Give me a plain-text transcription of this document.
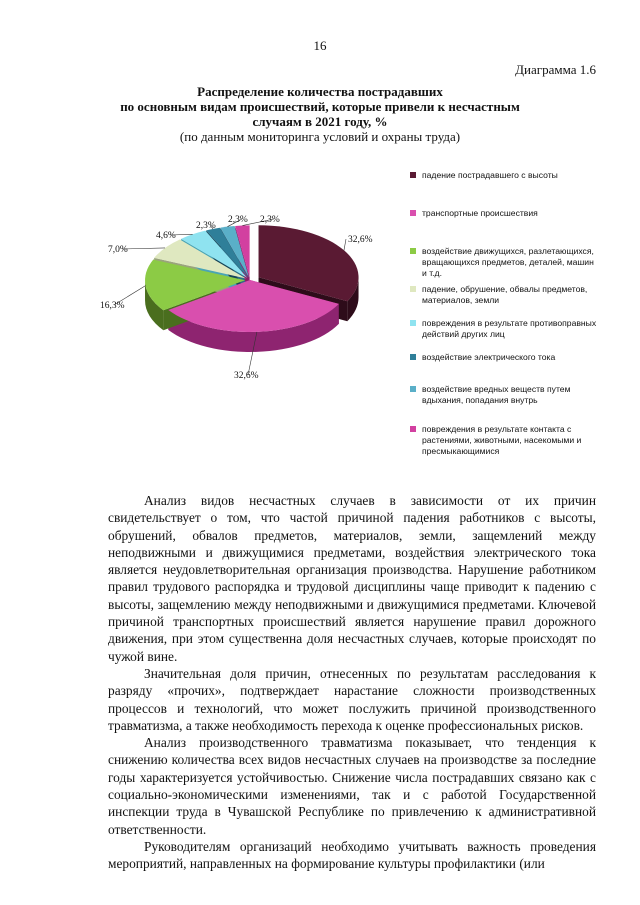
16
Диаграмма 1.6
Распределение количества пострадавших
по основным видам происшествий, которые привели к несчастным
случаям в 2021 году, %
(по данным мониторинга условий и охраны труда)
32,6%
32,6%
16,3%
7,0%
4,6%
2,3%
2,3% 2,3%
падение пострадавшего с высоты
транспортные происшествия
воздействие движущихся, разлетающихся, вращающихся предметов, деталей, машин и т.д.
падение, обрушение, обвалы предметов, материалов, земли
повреждения в результате противоправных действий других лиц
воздействие электрического тока
воздействие вредных веществ путем вдыхания, попадания внутрь
повреждения в результате контакта с растениями, животными, насекомыми и пресмыкающимися

Анализ видов несчастных случаев в зависимости от их причин свидетельствует о том, что частой причиной падения работников с высоты, обрушений, обвалов предметов, материалов, земли, защемлений между неподвижными и движущимися предметами, воздействия электрического тока является неудовлетворительная организация производства. Нарушение работником правил трудового распорядка и трудовой дисциплины чаще приводит к падению с высоты, защемлению между неподвижными и движущимися предметами. Ключевой причиной транспортных происшествий является нарушение правил дорожного движения, при этом существенна доля несчастных случаев, которые происходят по чужой вине.

Значительная доля причин, отнесенных по результатам расследования к разряду «прочих», подтверждает нарастание сложности производственных процессов и технологий, что может послужить причиной производственного травматизма, а также необходимость перехода к оценке профессиональных рисков.

Анализ производственного травматизма показывает, что тенденция к снижению количества всех видов несчастных случаев на производстве за последние годы характеризуется устойчивостью. Снижение числа пострадавших связано как с социально-экономическими изменениями, так и с работой Государственной инспекции труда в Чувашской Республике по привлечению к административной ответственности.

Руководителям организаций необходимо учитывать важность проведения мероприятий, направленных на формирование культуры профилактики (или
